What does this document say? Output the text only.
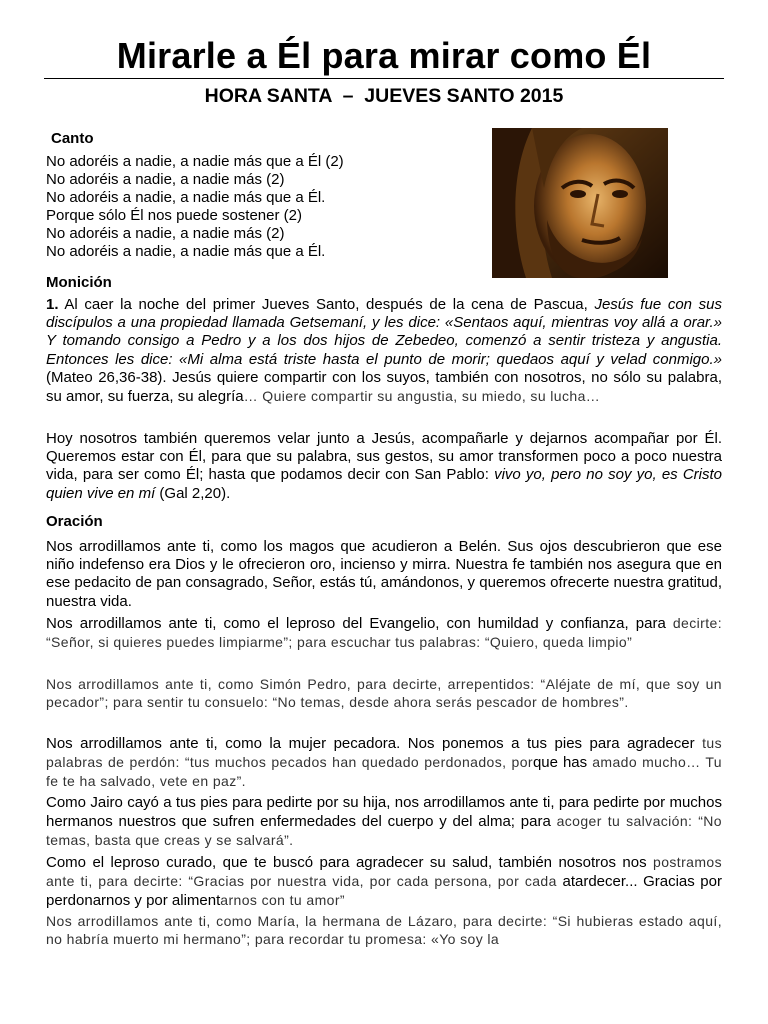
Mirarle a Él para mirar como Él
HORA SANTA  –  JUEVES SANTO 2015
Canto
No adoréis a nadie, a nadie más que a Él (2)
No adoréis a nadie, a nadie más (2)
No adoréis a nadie, a nadie más que a Él.
Porque sólo Él nos puede sostener (2)
No adoréis a nadie, a nadie más (2)
No adoréis a nadie, a nadie más que a Él.
Monición
1. Al caer la noche del primer Jueves Santo, después de la cena de Pascua, Jesús fue con sus discípulos a una propiedad llamada Getsemaní, y les dice: «Sentaos aquí, mientras voy allá a orar.» Y tomando consigo a Pedro y a los dos hijos de Zebedeo, comenzó a sentir tristeza y angustia. Entonces les dice: «Mi alma está triste hasta el punto de morir; quedaos aquí y velad conmigo.» (Mateo 26,36-38). Jesús quiere compartir con los suyos, también con nosotros, no sólo su palabra, su amor, su fuerza, su alegría… Quiere compartir su angustia, su miedo, su lucha…
Hoy nosotros también queremos velar junto a Jesús, acompañarle y dejarnos acompañar por Él. Queremos estar con Él, para que su palabra, sus gestos, su amor transformen poco a poco nuestra vida, para ser como Él; hasta que podamos decir con San Pablo: vivo yo, pero no soy yo, es Cristo quien vive en mí (Gal 2,20).
Oración
Nos arrodillamos ante ti, como los magos que acudieron a Belén. Sus ojos descubrieron que ese niño indefenso era Dios y le ofrecieron oro, incienso y mirra. Nuestra fe también nos asegura que en ese pedacito de pan consagrado, Señor, estás tú, amándonos, y queremos ofrecerte nuestra gratitud, nuestra vida.
Nos arrodillamos ante ti, como el leproso del Evangelio, con humildad y confianza, para decirte: “Señor, si quieres puedes limpiarme”; para escuchar tus palabras: “Quiero, queda limpio”
Nos arrodillamos ante ti, como Simón Pedro, para decirte, arrepentidos: “Aléjate de mí, que soy un pecador”; para sentir tu consuelo: “No temas, desde ahora serás pescador de hombres”.
Nos arrodillamos ante ti, como la mujer pecadora. Nos ponemos a tus pies para agradecer tus palabras de perdón: “tus muchos pecados han quedado perdonados, porque has amado mucho… Tu fe te ha salvado, vete en paz”.
Como Jairo cayó a tus pies para pedirte por su hija, nos arrodillamos ante ti, para pedirte por muchos hermanos nuestros que sufren enfermedades del cuerpo y del alma; para acoger tu salvación: “No temas, basta que creas y se salvará”.
Como el leproso curado, que te buscó para agradecer su salud, también nosotros nos postramos ante ti, para decirte: “Gracias por nuestra vida, por cada persona, por cada atardecer... Gracias por perdonarnos y por alimentarnos con tu amor”
Nos arrodillamos ante ti, como María, la hermana de Lázaro, para decirte: “Si hubieras estado aquí, no habría muerto mi hermano”; para recordar tu promesa: «Yo soy la
